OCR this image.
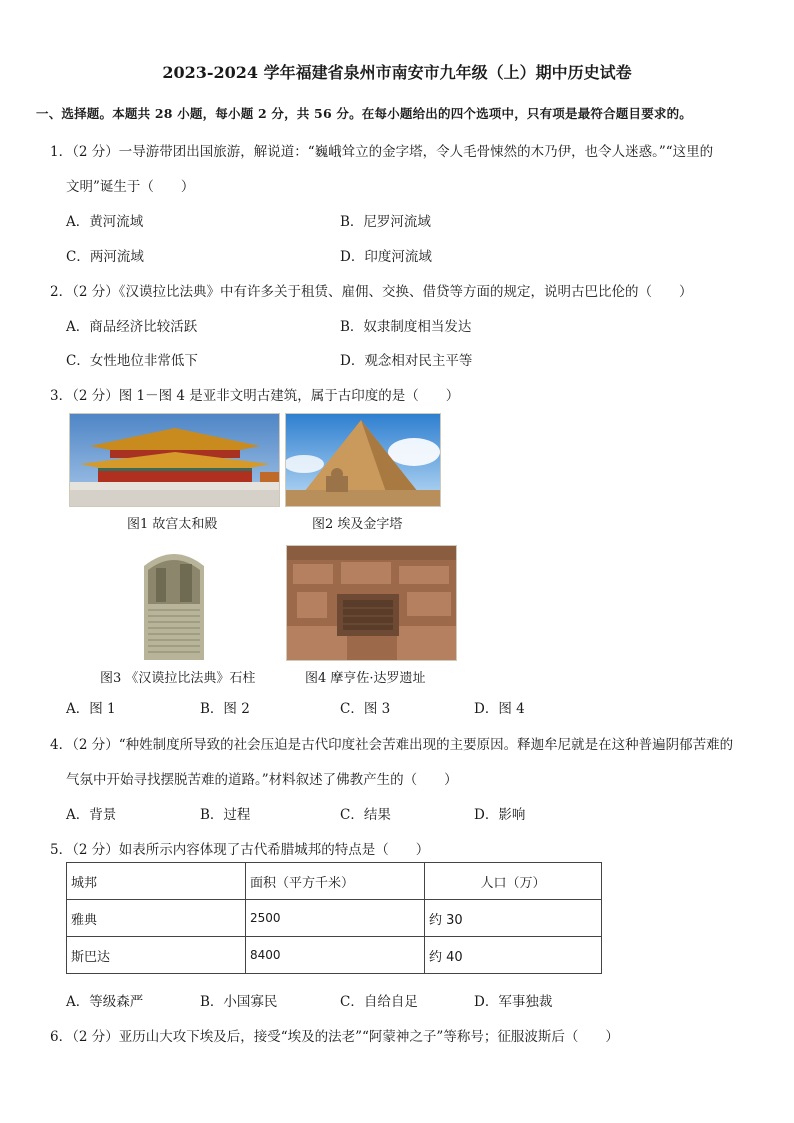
2023-2024 学年福建省泉州市南安市九年级（上）期中历史试卷
一、选择题。本题共 28 小题，每小题 2 分，共 56 分。在每小题给出的四个选项中，只有项是最符合题目要求的。
1．（2 分）一导游带团出国旅游，解说道：“巍峨耸立的金字塔，令人毛骨悚然的木乃伊，也令人迷惑。”“这里的
文明”诞生于（　　）
A．黄河流域	B．尼罗河流域
C．两河流域	D．印度河流域
2．（2 分）《汉谟拉比法典》中有许多关于租赁、雇佣、交换、借贷等方面的规定，说明古巴比伦的（　　）
A．商品经济比较活跃	B．奴隶制度相当发达
C．女性地位非常低下	D．观念相对民主平等
3．（2 分）图 1－图 4 是亚非文明古建筑，属于古印度的是（　　）
图1 故宫太和殿	图2 埃及金字塔
图3 《汉谟拉比法典》石柱	图4 摩亨佐·达罗遗址
A．图 1	B．图 2	C．图 3	D．图 4
4．（2 分）“种姓制度所导致的社会压迫是古代印度社会苦难出现的主要原因。释迦牟尼就是在这种普遍阴郁苦难的
气氛中开始寻找摆脱苦难的道路。”材料叙述了佛教产生的（　　）
A．背景	B．过程	C．结果	D．影响
5．（2 分）如表所示内容体现了古代希腊城邦的特点是（　　）
城邦	面积（平方千米）	人口（万）
雅典	2500	约 30
斯巴达	8400	约 40
A．等级森严	B．小国寡民	C．自给自足	D．军事独裁
6．（2 分）亚历山大攻下埃及后，接受“埃及的法老”“阿蒙神之子”等称号；征服波斯后（　　）
